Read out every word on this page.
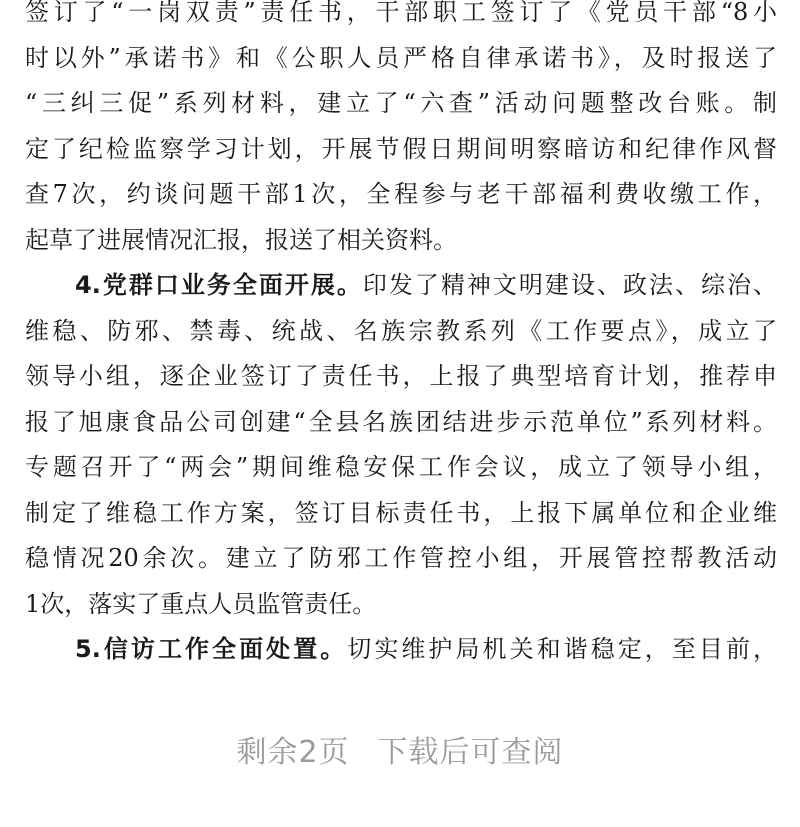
签订了“一岗双责”责任书，干部职工签订了《党员干部“8小
时以外”承诺书》和《公职人员严格自律承诺书》，及时报送了
“三纠三促”系列材料，建立了“六查”活动问题整改台账。制
定了纪检监察学习计划，开展节假日期间明察暗访和纪律作风督
查7次，约谈问题干部1次，全程参与老干部福利费收缴工作，
起草了进展情况汇报，报送了相关资料。
4.党群口业务全面开展。印发了精神文明建设、政法、综治、
维稳、防邪、禁毒、统战、名族宗教系列《工作要点》，成立了
领导小组，逐企业签订了责任书，上报了典型培育计划，推荐申
报了旭康食品公司创建“全县名族团结进步示范单位”系列材料。
专题召开了“两会”期间维稳安保工作会议，成立了领导小组，
制定了维稳工作方案，签订目标责任书，上报下属单位和企业维
稳情况20余次。建立了防邪工作管控小组，开展管控帮教活动
1次，落实了重点人员监管责任。
5.信访工作全面处置。切实维护局机关和谐稳定，至目前，
剩余2页 下载后可查阅
